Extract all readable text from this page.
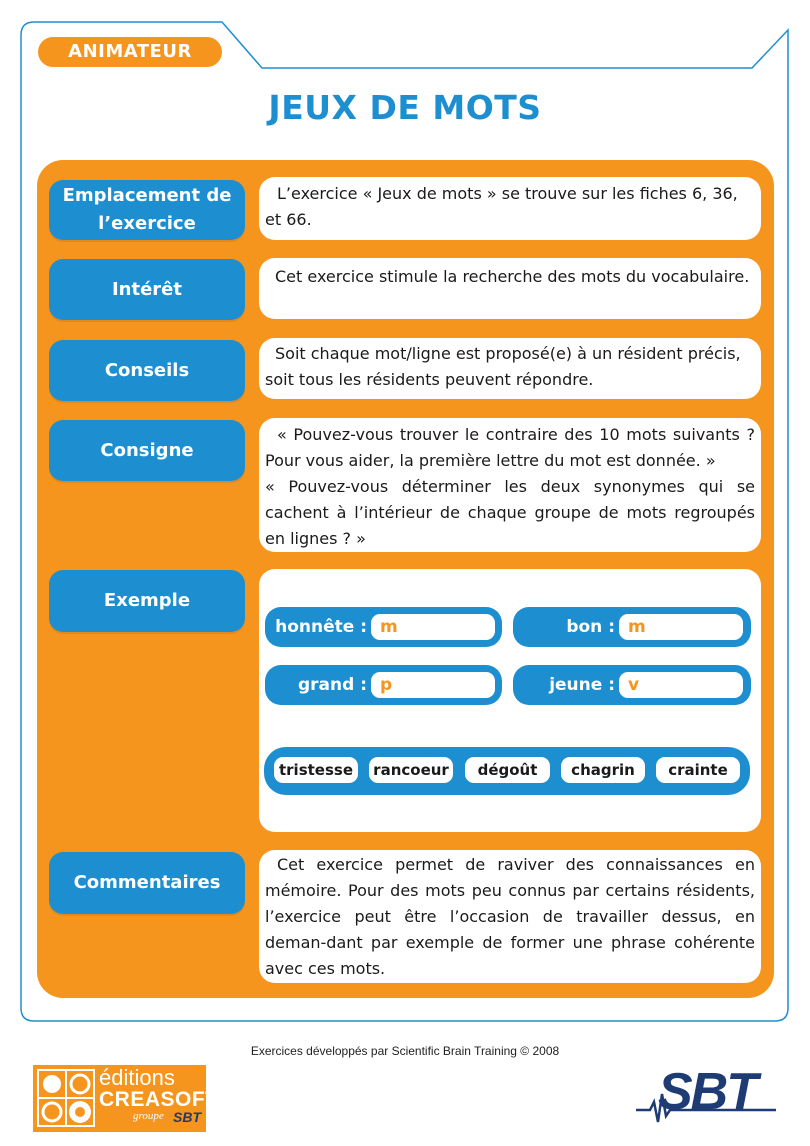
ANIMATEUR
JEUX DE MOTS
Emplacement de
l’exercice

L’exercice « Jeux de mots » se trouve sur les fiches 6, 36, et 66.

Intérêt

Cet exercice stimule la recherche des mots du vocabulaire.

Conseils

Soit chaque mot/ligne est proposé(e) à un résident précis, soit tous les résidents peuvent répondre.

Consigne

« Pouvez-vous trouver le contraire des 10 mots suivants ? Pour vous aider, la première lettre du mot est donnée. »

« Pouvez-vous déterminer les deux synonymes qui se cachent à l’intérieur de chaque groupe de mots regroupés en lignes ? »

Exemple
honnête : m	bon : m
grand : p	jeune : v
tristesse	rancoeur	dégoût	chagrin	crainte
Commentaires

Cet exercice permet de raviver des connaissances en mémoire. Pour des mots peu connus par certains résidents, l’exercice peut être l’occasion de travailler dessus, en deman-dant par exemple de former une phrase cohérente avec ces mots.

Exercices développés par Scientific Brain Training © 2008
éditions
CREASOFT
groupe SBT	SBT
